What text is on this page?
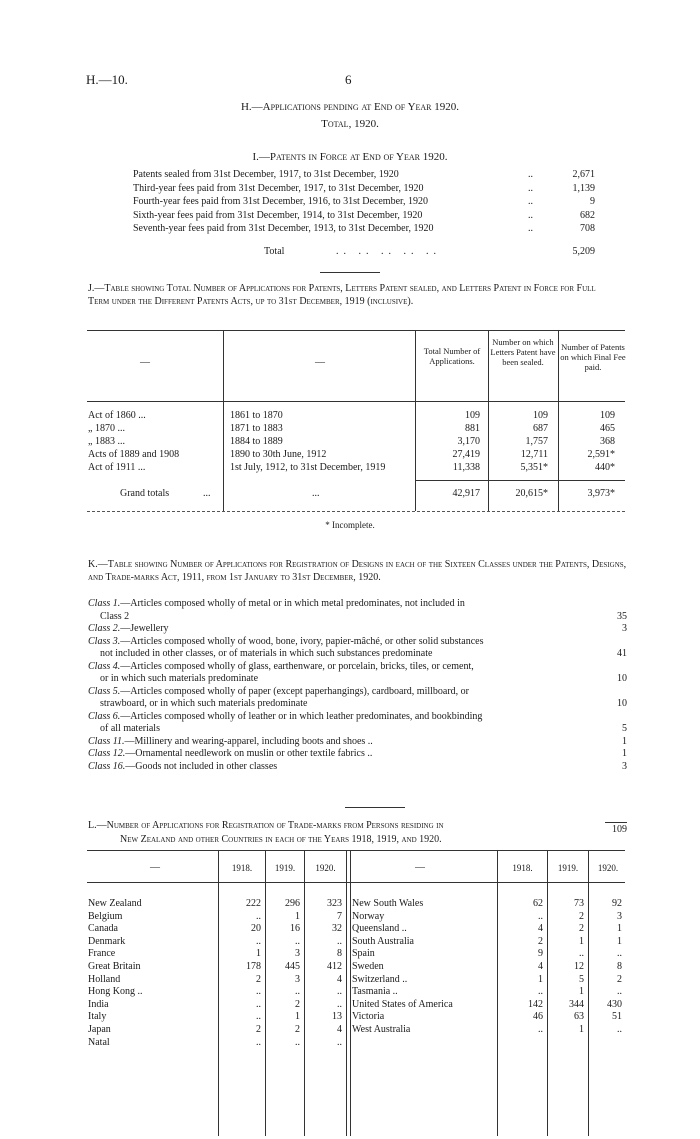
H.—10.	6
H.—Applications pending at End of Year 1920.
Total, 1920.
I.—Patents in Force at End of Year 1920.
Patents sealed from 31st December, 1917, to 31st December, 1920	..	2,671
Third-year fees paid from 31st December, 1917, to 31st December, 1920	..	1,139
Fourth-year fees paid from 31st December, 1916, to 31st December, 1920	..	9
Sixth-year fees paid from 31st December, 1914, to 31st December, 1920	..	682
Seventh-year fees paid from 31st December, 1913, to 31st December, 1920	..	708
Total	.. .. .. .. ..	5,209
J.—Table showing Total Number of Applications for Patents, Letters Patent sealed, and Letters Patent in Force for Full Term under the Different Patents Acts, up to 31st December, 1919 (inclusive).
—	—
Total Number of Applications.
Number on which Letters Patent have been sealed.
Number of Patents on which Final Fee paid.
Act of 1860 ...	1861 to 1870	109	109	109
„ 1870 ...	1871 to 1883	881	687	465
„ 1883 ...	1884 to 1889	3,170	1,757	368
Acts of 1889 and 1908	1890 to 30th June, 1912	27,419	12,711	2,591*
Act of 1911 ...	1st July, 1912, to 31st December, 1919	11,338	5,351*	440*
Grand totals	...	...	42,917	20,615*	3,973*
* Incomplete.
K.—Table showing Number of Applications for Registration of Designs in each of the Sixteen Classes under the Patents, Designs, and Trade-marks Act, 1911, from 1st January to 31st December, 1920.
Class 1.—Articles composed wholly of metal or in which metal predominates, not included in
Class 2	35
Class 2.—Jewellery	3
Class 3.—Articles composed wholly of wood, bone, ivory, papier-mâché, or other solid substances
not included in other classes, or of materials in which such substances predominate	41
Class 4.—Articles composed wholly of glass, earthenware, or porcelain, bricks, tiles, or cement,
or in which such materials predominate	10
Class 5.—Articles composed wholly of paper (except paperhangings), cardboard, millboard, or
strawboard, or in which such materials predominate	10
Class 6.—Articles composed wholly of leather or in which leather predominates, and bookbinding
of all materials	5
Class 11.—Millinery and wearing-apparel, including boots and shoes ..	1
Class 12.—Ornamental needlework on muslin or other textile fabrics ..	1
Class 16.—Goods not included in other classes	3
109
L.—Number of Applications for Registration of Trade-marks from Persons residing in
New Zealand and other Countries in each of the Years 1918, 1919, and 1920.
—	1918.	1919.	1920.	—	1918.	1919.	1920.
New Zealand	222	296	323
Belgium	..	1	7
Canada	20	16	32
Denmark	..	..	..
France	1	3	8
Great Britain	178	445	412
Holland	2	3	4
Hong Kong ..	..	..	..
India	..	2	..
Italy	..	1	13
Japan	2	2	4
Natal	..	..	..
New South Wales	62	73	92
Norway	..	2	3
Queensland ..	4	2	1
South Australia	2	1	1
Spain	9	..	..
Sweden	4	12	8
Switzerland ..	1	5	2
Tasmania ..	..	1	..
United States of America	142	344	430
Victoria	46	63	51
West Australia	..	1	..
